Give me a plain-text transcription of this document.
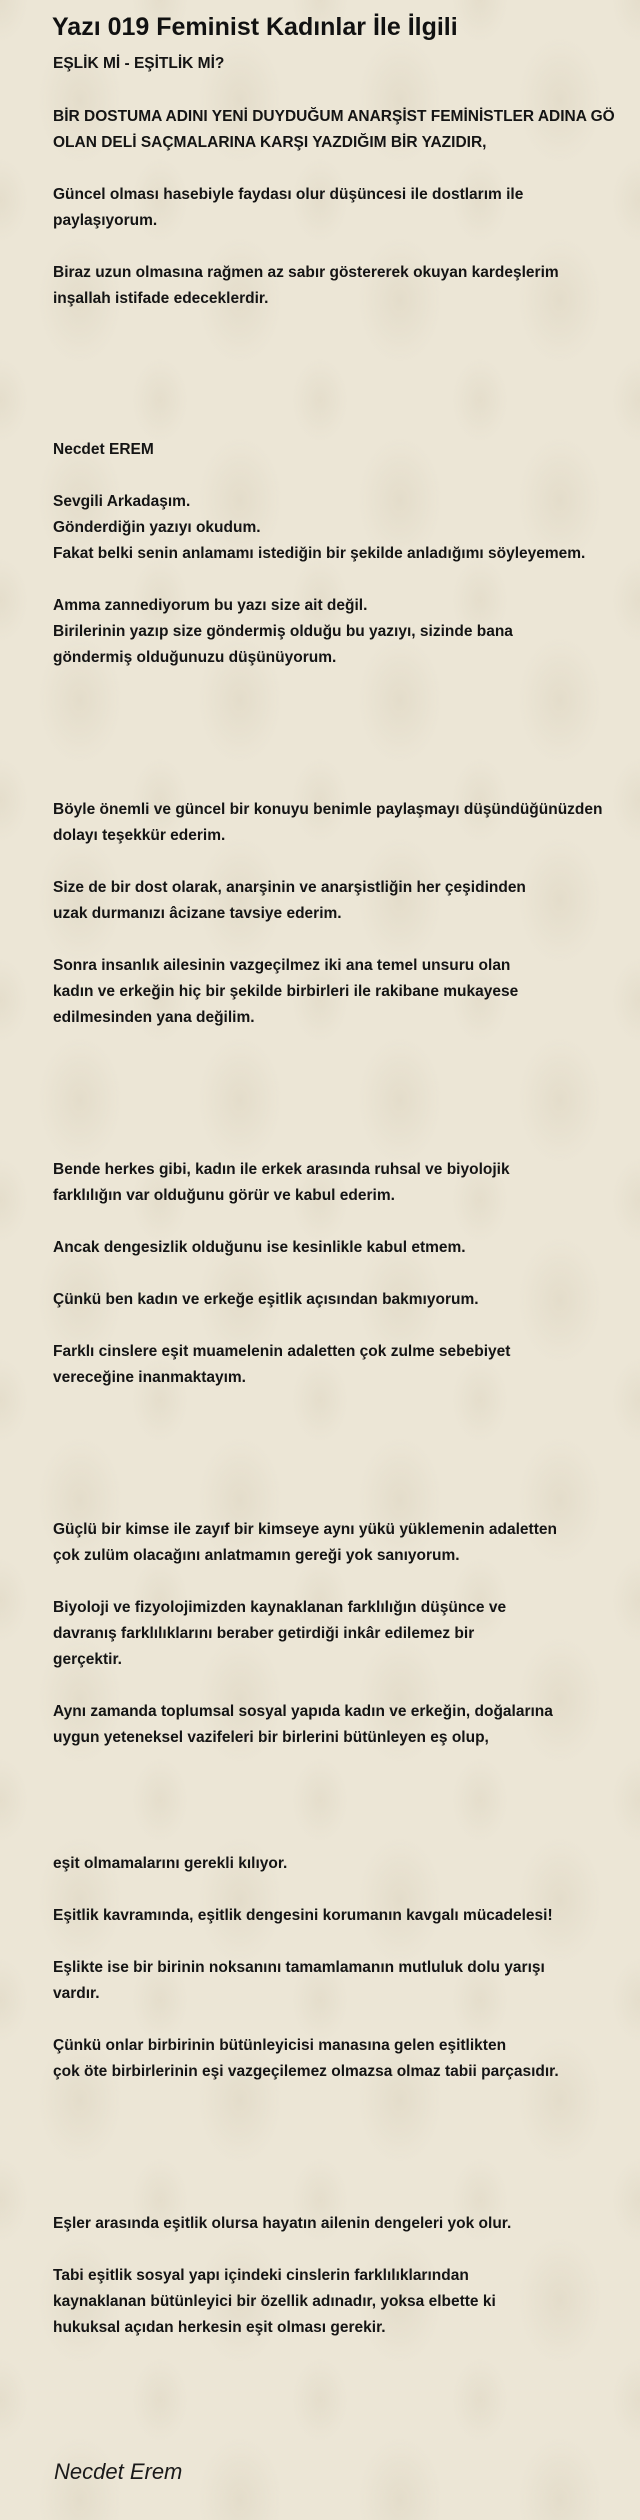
Yazı 019 Feminist Kadınlar İle İlgili

EŞLİK Mİ - EŞİTLİK Mİ?

BİR DOSTUMA ADINI YENİ DUYDUĞUM ANARŞİST FEMİNİSTLER ADINA GÖ

OLAN DELİ SAÇMALARINA KARŞI YAZDIĞIM BİR YAZIDIR,

Güncel olması hasebiyle faydası olur düşüncesi ile dostlarım ile

paylaşıyorum.

Biraz uzun olmasına rağmen az sabır göstererek okuyan kardeşlerim

inşallah istifade edeceklerdir.

Necdet EREM

Sevgili Arkadaşım.

Gönderdiğin yazıyı okudum.

Fakat belki senin anlamamı istediğin bir şekilde anladığımı söyleyemem.

Amma zannediyorum bu yazı size ait değil.

Birilerinin yazıp size göndermiş olduğu bu yazıyı, sizinde bana

göndermiş olduğunuzu düşünüyorum.

Böyle önemli ve güncel bir konuyu benimle paylaşmayı düşündüğünüzden

dolayı teşekkür ederim.

Size de bir dost olarak, anarşinin ve anarşistliğin her çeşidinden

uzak durmanızı âcizane tavsiye ederim.

Sonra insanlık ailesinin vazgeçilmez iki ana temel unsuru olan

kadın ve erkeğin hiç bir şekilde birbirleri ile rakibane mukayese

edilmesinden yana değilim.

Bende herkes gibi, kadın ile erkek arasında ruhsal ve biyolojik

farklılığın var olduğunu görür ve kabul ederim.

Ancak dengesizlik olduğunu ise kesinlikle kabul etmem.

Çünkü ben kadın ve erkeğe eşitlik açısından bakmıyorum.

Farklı cinslere eşit muamelenin adaletten çok zulme sebebiyet

vereceğine inanmaktayım.

Güçlü bir kimse ile zayıf bir kimseye aynı yükü yüklemenin adaletten

çok zulüm olacağını anlatmamın gereği yok sanıyorum.

Biyoloji ve fizyolojimizden kaynaklanan farklılığın düşünce ve

davranış farklılıklarını beraber getirdiği inkâr edilemez bir

gerçektir.

Aynı zamanda toplumsal sosyal yapıda kadın ve erkeğin, doğalarına

uygun yeteneksel vazifeleri bir birlerini bütünleyen eş olup,

eşit olmamalarını gerekli kılıyor.

Eşitlik kavramında, eşitlik dengesini korumanın kavgalı mücadelesi!

Eşlikte ise bir birinin noksanını tamamlamanın mutluluk dolu yarışı

vardır.

Çünkü onlar birbirinin bütünleyicisi manasına gelen eşitlikten

çok öte birbirlerinin eşi vazgeçilemez olmazsa olmaz tabii parçasıdır.

Eşler arasında eşitlik olursa hayatın ailenin dengeleri yok olur.

Tabi eşitlik sosyal yapı içindeki cinslerin farklılıklarından

kaynaklanan bütünleyici bir özellik adınadır, yoksa elbette ki

hukuksal açıdan herkesin eşit olması gerekir.

Necdet Erem
